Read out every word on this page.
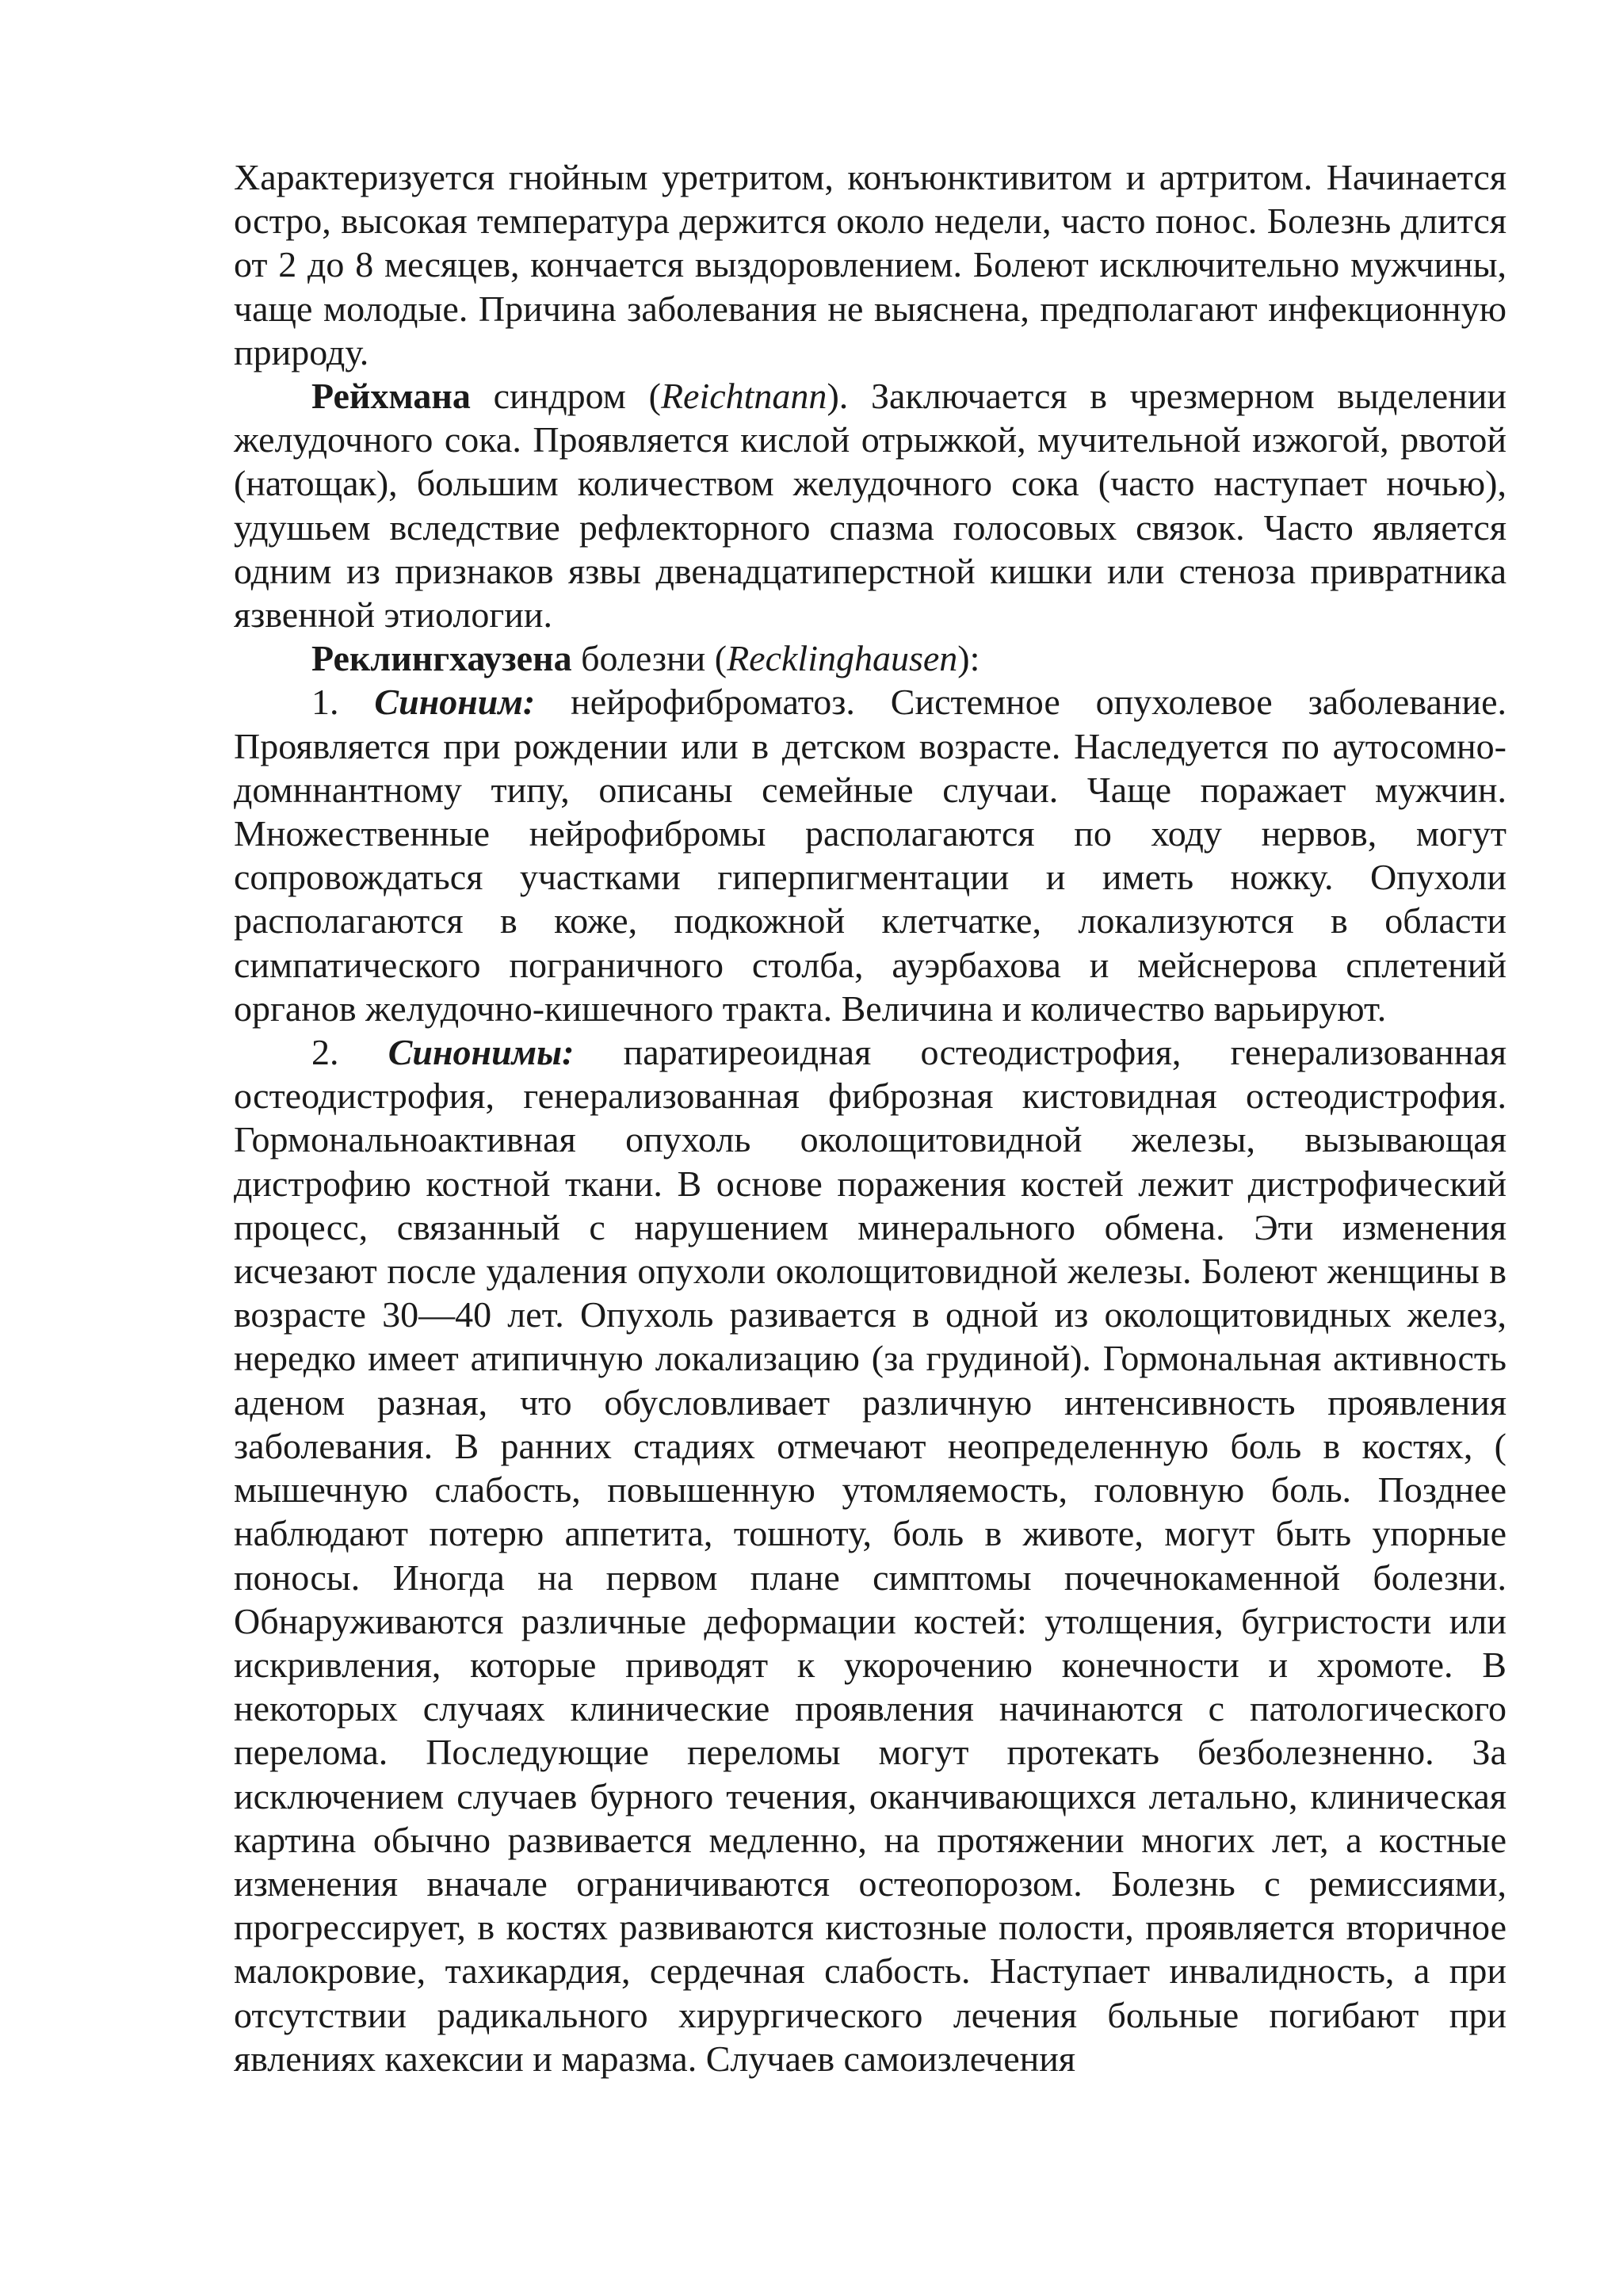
Характеризуется гнойным уретритом, конъюнктивитом и артритом. Начинается остро, высокая температура держится около недели, часто понос. Болезнь длится от 2 до 8 месяцев, кончается выздоровлением. Болеют исключительно мужчины, чаще молодые. Причина заболевания не выяснена, предполагают инфекционную природу.

Рейхмана синдром (Reichtnann). Заключается в чрезмерном выделении желудочного сока. Проявляется кислой отрыжкой, мучительной изжогой, рвотой (натощак), большим количеством желудочного сока (часто наступает ночью), удушьем вследствие рефлекторного спазма голосовых связок. Часто является одним из признаков язвы двенадцатиперстной кишки или стеноза привратника язвенной этиологии.

Реклингхаузена болезни (Recklinghausen):

1. Синоним: нейрофиброматоз. Системное опухолевое заболевание. Проявляется при рождении или в детском возрасте. Наследуется по аутосомно-домннантному типу, описаны семейные случаи. Чаще поражает мужчин. Множественные нейрофибромы располагаются по ходу нервов, могут сопровождаться участками гиперпигментации и иметь ножку. Опухоли располагаются в коже, подкожной клетчатке, локализуются в области симпатического пограничного столба, ауэрбахова и мейснерова сплетений органов желудочно-кишечного тракта. Величина и количество варьируют.

2. Синонимы: паратиреоидная остеодистрофия, генерализованная остеодистрофия, генерализованная фиброзная кистовидная остеодистрофия. Гормональноактивная опухоль околощитовидной железы, вызывающая дистрофию костной ткани. В основе поражения костей лежит дистрофический процесс, связанный с нарушением минерального обмена. Эти изменения исчезают после удаления опухоли околощитовидной железы. Болеют женщины в возрасте 30—40 лет. Опухоль разивается в одной из околощитовидных желез, нередко имеет атипичную локализацию (за грудиной). Гормональная активность аденом разная, что обусловливает различную интенсивность проявления заболевания. В ранних стадиях отмечают неопределенную боль в костях, ( мышечную слабость, повышенную утомляемость, головную боль. Позднее наблюдают потерю аппетита, тошноту, боль в животе, могут быть упорные поносы. Иногда на первом плане симптомы почечнокаменной болезни. Обнаруживаются различные деформации костей: утолщения, бугристости или искривления, которые приводят к укорочению конечности и хромоте. В некоторых случаях клинические проявления начинаются с патологического перелома. Последующие переломы могут протекать безболезненно. За исключением случаев бурного течения, оканчивающихся летально, клиническая картина обычно развивается медленно, на протяжении многих лет, а костные изменения вначале ограничиваются остеопорозом. Болезнь с ремиссиями, прогрессирует, в костях развиваются кистозные полости, проявляется вторичное малокровие, тахикардия, сердечная слабость. Наступает инвалидность, а при отсутствии радикального хирургического лечения больные погибают при явлениях кахексии и маразма. Случаев самоизлечения
